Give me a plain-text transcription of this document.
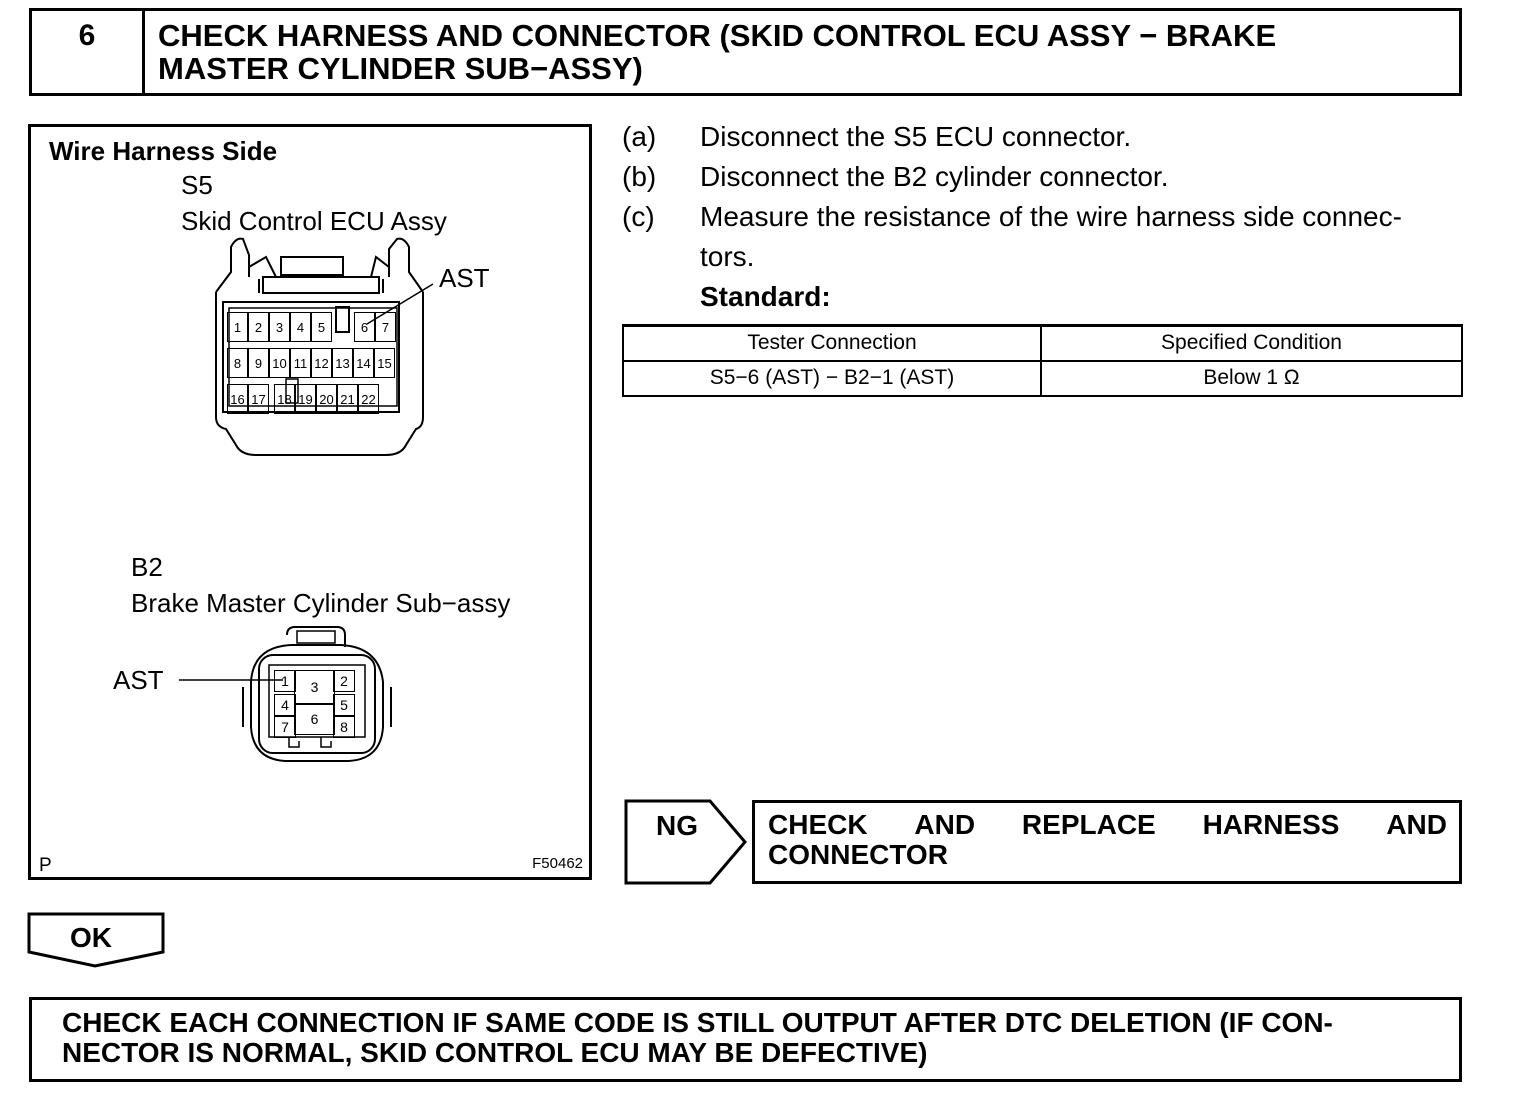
6	CHECK HARNESS AND CONNECTOR (SKID CONTROL ECU ASSY − BRAKE
MASTER CYLINDER SUB−ASSY)
Wire Harness Side
S5
Skid Control ECU Assy
AST
B2
Brake Master Cylinder Sub−assy
AST
P	F50462
1	2	3	4	5	6	7
8	9 10 11 12 13 14 15
16 17 18 19 20 21 22
1	2
3
4	5
6
7	8
(a) Disconnect the S5 ECU connector.
(b) Disconnect the B2 cylinder connector.
(c) Measure the resistance of the wire harness side connec-
tors.
Standard:
Tester Connection	Specified Condition
S5−6 (AST) − B2−1 (AST)	Below 1 Ω
NG	CHECK AND REPLACE HARNESS AND
CONNECTOR
OK
CHECK EACH CONNECTION IF SAME CODE IS STILL OUTPUT AFTER DTC DELETION (IF CON-
NECTOR IS NORMAL, SKID CONTROL ECU MAY BE DEFECTIVE)
